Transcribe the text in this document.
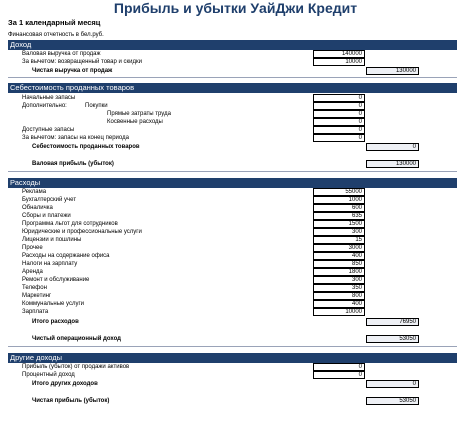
Прибыль и убытки УайДжи Кредит
За 1 календарный месяц
Финансовая отчетность в бел.руб.
Доход
Валовая выручка от продаж	140000
За вычетом: возвращенный товар и скидки	10000
Чистая выручка от продаж	130000
Себестоимость проданных товаров
Начальные запасы	0
Дополнительно:	Покупки	0
Прямые затраты труда	0
Косвенные расходы	0
Доступные запасы	0
За вычетом: запасы на конец периода	0
Себестоимость проданных товаров	0
Валовая прибыль (убыток)	130000
Расходы
Реклама	55000
Бухгалтерский учет	1000
Обналичка	600
Сборы и платежи	635
Программа льгот для сотрудников	1500
Юридические и профессиональные услуги	300
Лицензии и пошлины	15
Прочее	3000
Расходы на содержание офиса	400
Налоги на зарплату	850
Аренда	1800
Ремонт и обслуживание	300
Телефон	350
Маркетинг	800
Коммунальные услуги	400
Зарплата	10000
Итого расходов	76950
Чистый операционный доход	53050
Другие доходы
Прибыль (убыток) от продажи активов	0
Процентный доход	0
Итого других доходов	0
Чистая прибыль (убыток)	53050
